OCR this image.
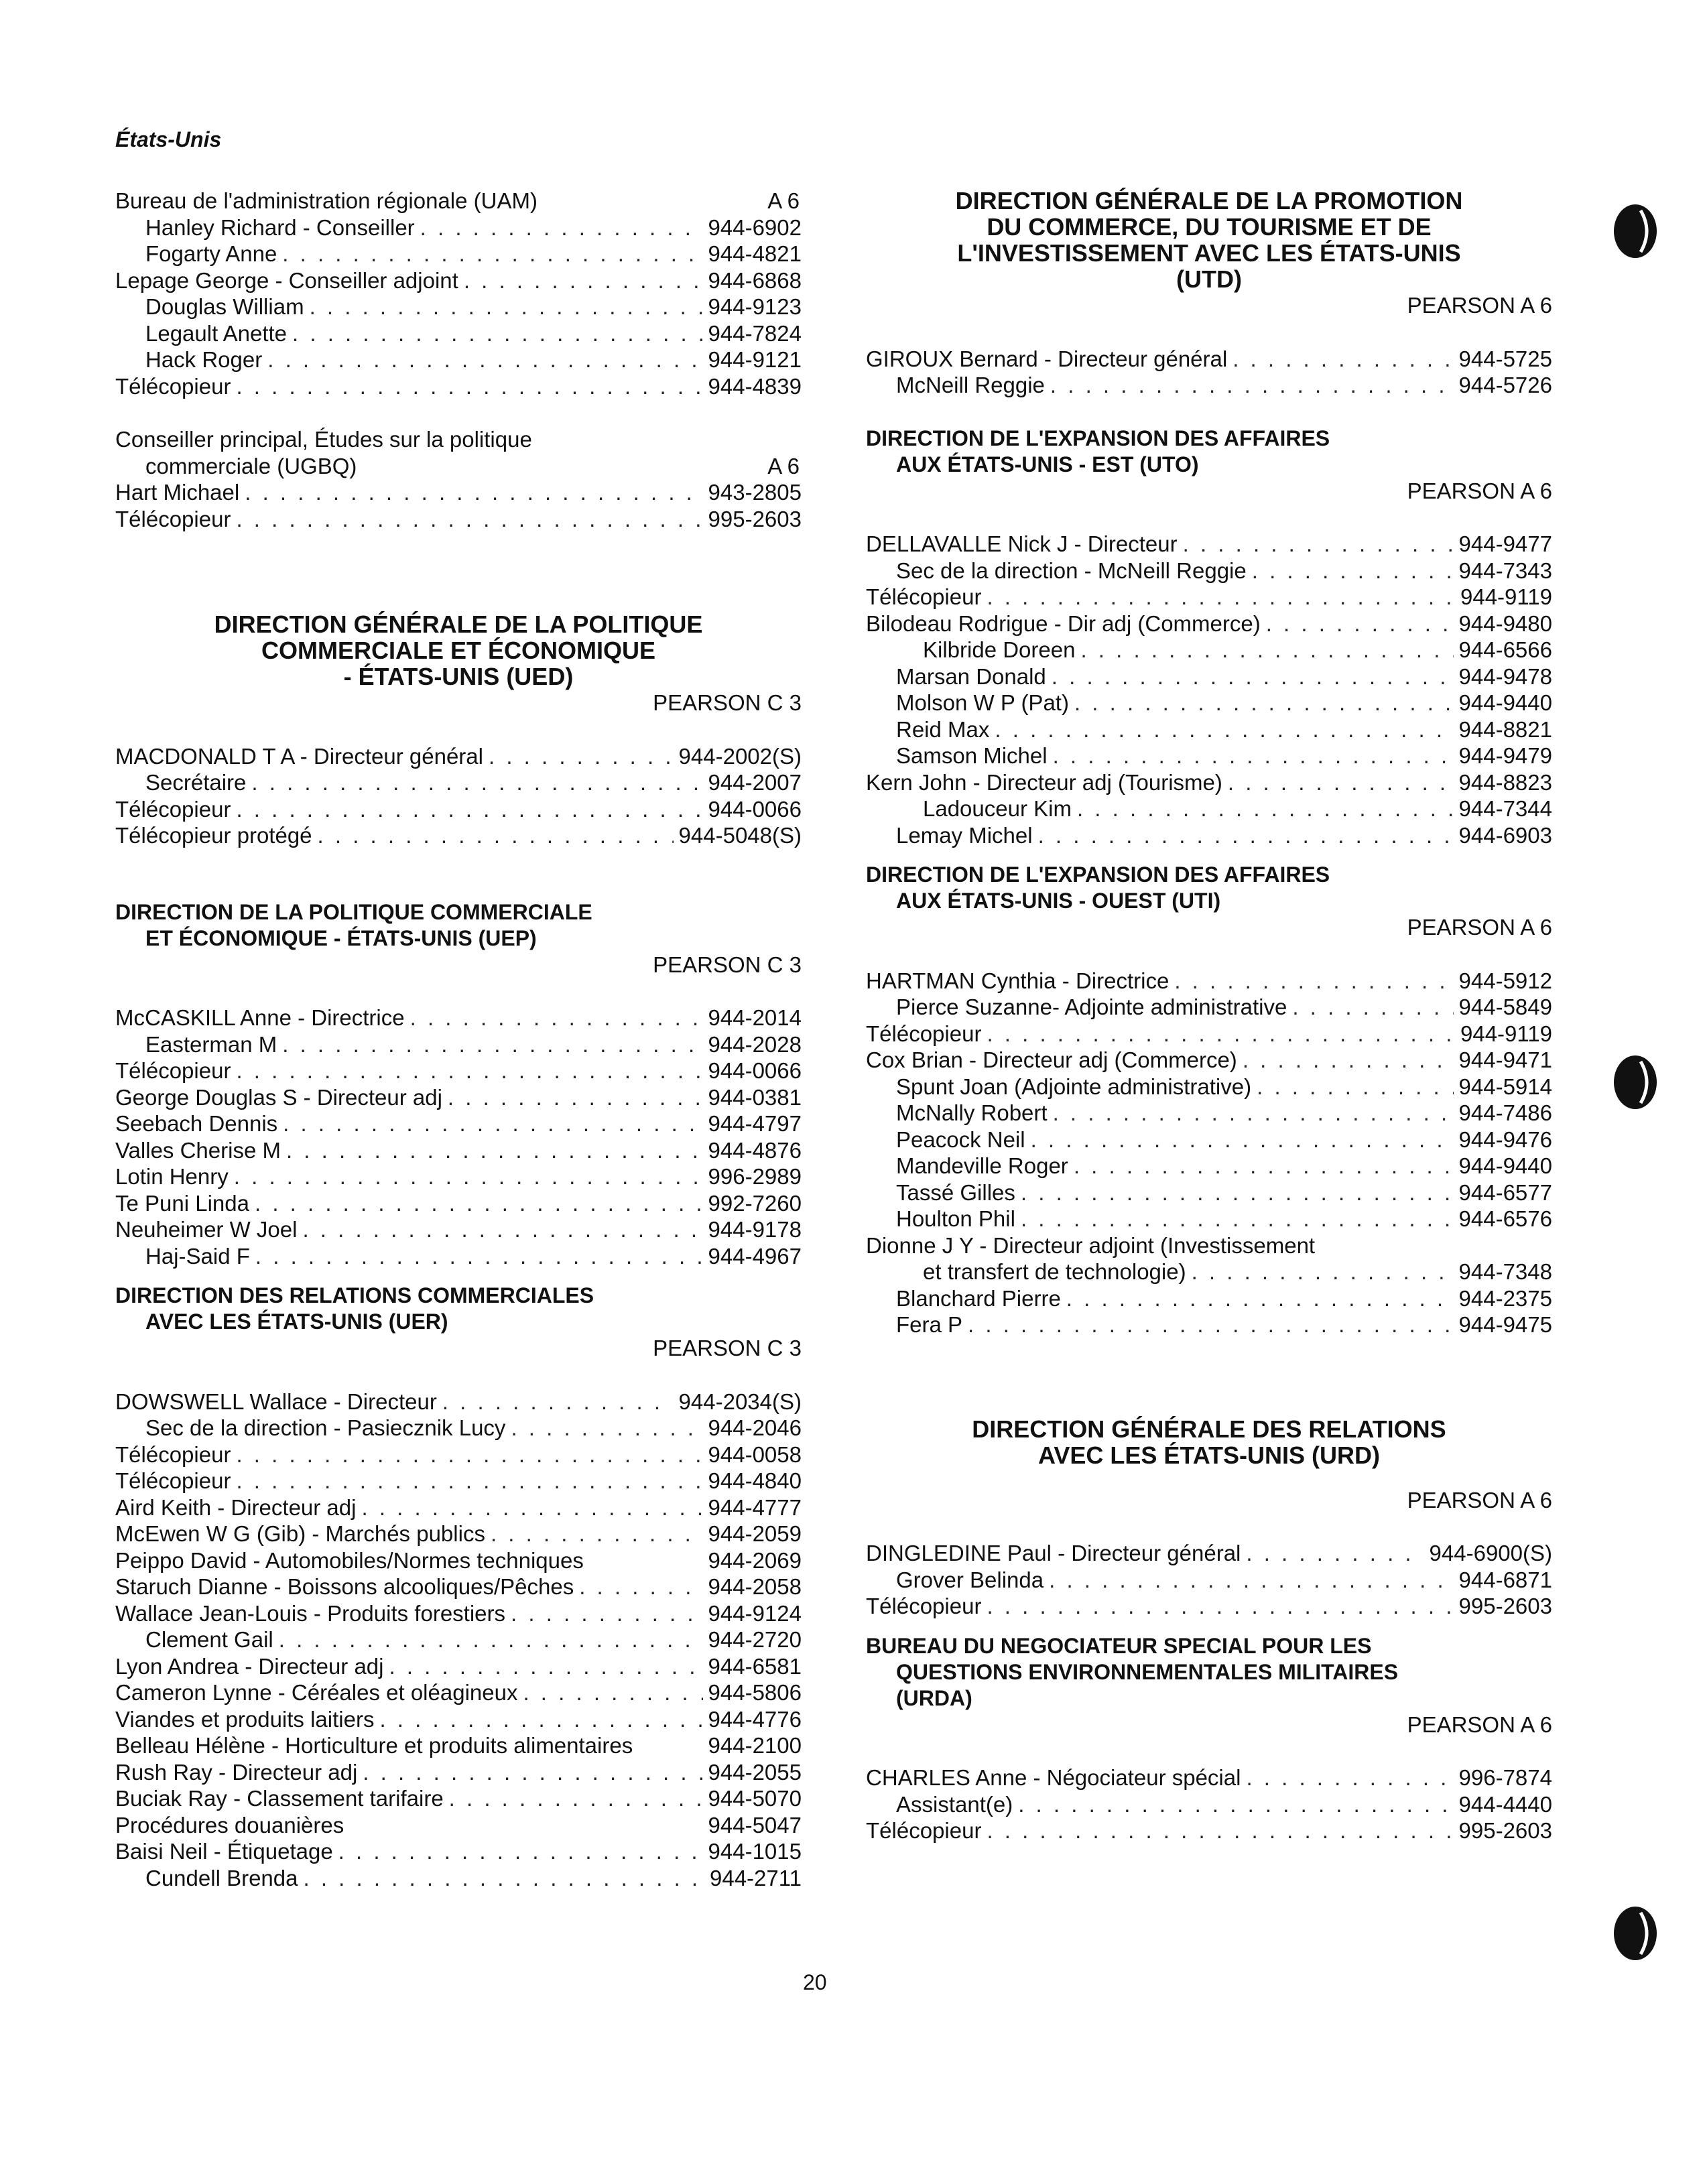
États-Unis
Bureau de l'administration régionale (UAM)	A 6
Hanley Richard - Conseiller . . .	944-6902
Fogarty Anne . . .	944-4821
Lepage George - Conseiller adjoint . . .	944-6868
Douglas William . . .	944-9123
Legault Anette . . .	944-7824
Hack Roger . . .	944-9121
Télécopieur . . .	944-4839
Conseiller principal, Études sur la politique
commerciale (UGBQ)	A 6
Hart Michael . . .	943-2805
Télécopieur . . .	995-2603
DIRECTION GÉNÉRALE DE LA POLITIQUE
COMMERCIALE ET ÉCONOMIQUE
- ÉTATS-UNIS (UED)
PEARSON C 3
MACDONALD T A - Directeur général . . .	944-2002(S)
Secrétaire . . .	944-2007
Télécopieur . . .	944-0066
Télécopieur protégé . . .	944-5048(S)
DIRECTION DE LA POLITIQUE COMMERCIALE
ET ÉCONOMIQUE - ÉTATS-UNIS (UEP)
PEARSON C 3
McCASKILL Anne - Directrice . . .	944-2014
Easterman M . . .	944-2028
Télécopieur . . .	944-0066
George Douglas S - Directeur adj . . .	944-0381
Seebach Dennis . . .	944-4797
Valles Cherise M . . .	944-4876
Lotin Henry . . .	996-2989
Te Puni Linda . . .	992-7260
Neuheimer W Joel . . .	944-9178
Haj-Said F . . .	944-4967
DIRECTION DES RELATIONS COMMERCIALES
AVEC LES ÉTATS-UNIS (UER)
PEARSON C 3
DOWSWELL Wallace - Directeur . . .	944-2034(S)
Sec de la direction - Pasiecznik Lucy . . .	944-2046
Télécopieur . . .	944-0058
Télécopieur . . .	944-4840
Aird Keith - Directeur adj . . .	944-4777
McEwen W G (Gib) - Marchés publics . . .	944-2059
Peippo David - Automobiles/Normes techniques	944-2069
Staruch Dianne - Boissons alcooliques/Pêches . . .	944-2058
Wallace Jean-Louis - Produits forestiers . . .	944-9124
Clement Gail . . .	944-2720
Lyon Andrea - Directeur adj . . .	944-6581
Cameron Lynne - Céréales et oléagineux . . .	944-5806
Viandes et produits laitiers . . .	944-4776
Belleau Hélène - Horticulture et produits alimentaires	944-2100
Rush Ray - Directeur adj . . .	944-2055
Buciak Ray - Classement tarifaire . . .	944-5070
Procédures douanières	944-5047
Baisi Neil - Étiquetage . . .	944-1015
Cundell Brenda . . .	944-2711
DIRECTION GÉNÉRALE DE LA PROMOTION
DU COMMERCE, DU TOURISME ET DE
L'INVESTISSEMENT AVEC LES ÉTATS-UNIS
(UTD)
PEARSON A 6
GIROUX Bernard - Directeur général . . .	944-5725
McNeill Reggie . . .	944-5726
DIRECTION DE L'EXPANSION DES AFFAIRES
AUX ÉTATS-UNIS - EST (UTO)
PEARSON A 6
DELLAVALLE Nick J - Directeur . . .	944-9477
Sec de la direction - McNeill Reggie . . .	944-7343
Télécopieur . . .	944-9119
Bilodeau Rodrigue - Dir adj (Commerce) . . .	944-9480
Kilbride Doreen . . .	944-6566
Marsan Donald . . .	944-9478
Molson W P (Pat) . . .	944-9440
Reid Max . . .	944-8821
Samson Michel . . .	944-9479
Kern John - Directeur adj (Tourisme) . . .	944-8823
Ladouceur Kim . . .	944-7344
Lemay Michel . . .	944-6903
DIRECTION DE L'EXPANSION DES AFFAIRES
AUX ÉTATS-UNIS - OUEST (UTI)
PEARSON A 6
HARTMAN Cynthia - Directrice . . .	944-5912
Pierce Suzanne- Adjointe administrative . . .	944-5849
Télécopieur . . .	944-9119
Cox Brian - Directeur adj (Commerce) . . .	944-9471
Spunt Joan (Adjointe administrative) . . .	944-5914
McNally Robert . . .	944-7486
Peacock Neil . . .	944-9476
Mandeville Roger . . .	944-9440
Tassé Gilles . . .	944-6577
Houlton Phil . . .	944-6576
Dionne J Y - Directeur adjoint (Investissement
et transfert de technologie) . . .	944-7348
Blanchard Pierre . . .	944-2375
Fera P . . .	944-9475
DIRECTION GÉNÉRALE DES RELATIONS
AVEC LES ÉTATS-UNIS (URD)
PEARSON A 6
DINGLEDINE Paul - Directeur général . . .	944-6900(S)
Grover Belinda . . .	944-6871
Télécopieur . . .	995-2603
BUREAU DU NEGOCIATEUR SPECIAL POUR LES
QUESTIONS ENVIRONNEMENTALES MILITAIRES
(URDA)
PEARSON A 6
CHARLES Anne - Négociateur spécial . . .	996-7874
Assistant(e) . . .	944-4440
Télécopieur . . .	995-2603
20
